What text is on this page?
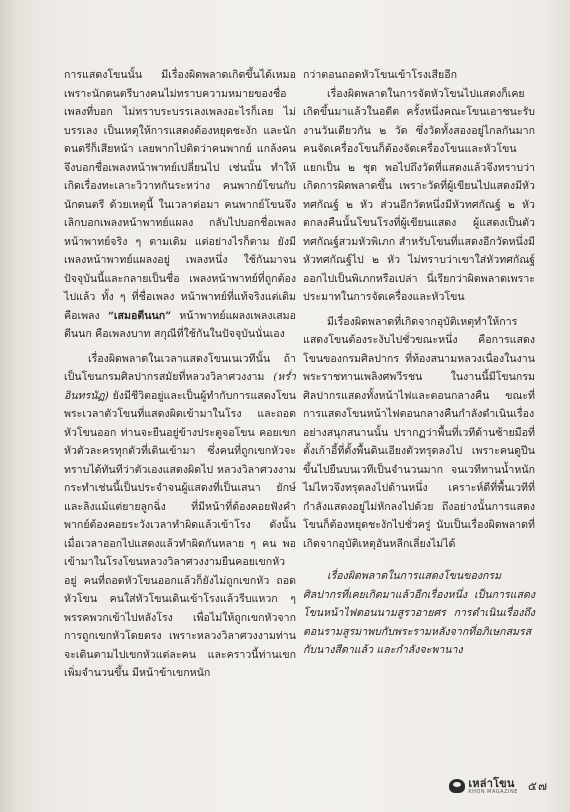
การแสดงโขนนั้น มีเรื่องผิดพลาดเกิดขึ้นได้เหมอ เพราะนักดนตรีบางคนไม่ทราบความหมายของชื่อ เพลงที่บอก ไม่ทราบระบรรเลงเพลงอะไรก็เลย ไม่บรรเลง เป็นเหตุให้การแสดงต้องหยุดชะงัก และนักดนตรีก็เสียหน้า เลยพากไปติดว่าคนพากย์ แกล้งคน จึงบอกชื่อเพลงหน้าพาทย์เปลี่ยนไป เช่นนั้น ทำให้เกิดเรื่องทะเลาะวิวาทกันระหว่าง คนพากย์โขนกับนักดนตรี ด้วยเหตุนี้ ในเวลาต่อมา คนพากย์โขนจึงเลิกบอกเพลงหน้าพาทย์แผลง กลับไปบอกชื่อเพลงหน้าพาทย์จริง ๆ ตามเดิม แต่อย่างไรก็ตาม ยังมีเพลงหน้าพาทย์แผลงอยู่ เพลงหนึ่ง ใช้กันมาจนปัจจุบันนี้และกลายเป็นชื่อ เพลงหน้าพาทย์ที่ถูกต้องไปแล้ว ทั้ง ๆ ที่ชื่อเพลง หน้าพาทย์ที่แท้จริงแต่เดิมคือเพลง “เสมอตีนนก” หน้าพาทย์แผลงเพลงเสมอตีนนก คือเพลงบาท สกุณีที่ใช้กันในปัจจุบันนั่นเอง

เรื่องผิดพลาดในเวลาแสดงโขนเนเวทีนั้น ถ้าเป็นโขนกรมศิลปากรสมัยที่หลวงวิลาศวงงาม (หร่ำ อินทรนัฏ) ยังมีชีวิตอยู่และเป็นผู้ทำกับการแสดงโขน พระเวลาตัวโขนที่แสดงผิดเข้ามาในโรง และถอดหัวโขนออก ท่านจะยืนอยู่ข้างประตูจอโขน คอยเขกหัวตัวละครทุกตัวที่เดินเข้ามา ซึ่งคนที่ถูกเขกหัวจะทราบได้ทันทีว่าตัวเองแสดงผิดไป หลวงวิลาศวงงามกระทำเช่นนี้เป็นประจำจนผู้แสดงที่เป็นเสนา ยักษ์และลิงแม้แต่ยายลูกฉิ่ง ที่มีหน้าที่ต้องคอยฟังคำพากย์ต้องคอยระวังเวลาทำผิดแล้วเข้าโรง ดังนั้น เมื่อเวลาออกไปแสดงแล้วทำผิดกันหลาย ๆ คน พอเข้ามาในโรงโขนหลวงวิลาศวงงามยืนคอยเขกหัวอยู่ คนที่ถอดหัวโขนออกแล้วก็ยังไม่ถูกเขกหัว ถอดหัวโขน คนใส่หัวโขนเดินเข้าโรงแล้วรีบแหวก ๆ พรรคพวกเข้าไปหลังโรง เพื่อไม่ให้ถูกเขกหัวจากการถูกเขกหัวโดยตรง เพราะหลวงวิลาศวงงามท่านจะเดินตามไปเขกหัวแต่ละคน และคราวนี้ท่านเขกเพิ่มจำนวนขึ้น มีหน้าข้าเขกหนัก

กว่าตอนถอดหัวโขนเข้าโรงเสียอีก

เรื่องผิดพลาดในการจัดหัวโขนไปแสดงก็เคยเกิดขึ้นมาแล้วในอดีต ครั้งหนึ่งคณะโขนเอาชนะรับงานวันเดียวกัน ๒ วัด ซึ่งวัดทั้งสองอยู่ไกลกันมาก คนจัดเครื่องโขนก็ต้องจัดเครื่องโขนและหัวโขนแยกเป็น ๒ ชุด พอไปถึงวัดที่แสดงแล้วจึงทราบว่าเกิดการผิดพลาดขึ้น เพราะวัดที่ผู้เขียนไปแสดงมีหัวทศกัณฐ์ ๒ หัว ส่วนอีกวัดหนึ่งมีหัวทศกัณฐ์ ๒ หัว ตกลงคืนนั้นโขนโรงที่ผู้เขียนแสดง ผู้แสดงเป็นตัวทศกัณฐ์สวมหัวพิเภก สำหรับโขนที่แสดงอีกวัดหนึ่งมีหัวทศกัณฐ์ไป ๒ หัว ไม่ทราบว่าเขาใส่หัวทศกัณฐ์ออกไปเป็นพิเภกหรือเปล่า นี่เรียกว่าผิดพลาดเพราะประมาทในการจัดเครื่องและหัวโขน

มีเรื่องผิดพลาดที่เกิดจากอุบัติเหตุทำให้การแสดงโขนต้องระงับไปชั่วขณะหนึ่ง คือการแสดงโขนของกรมศิลปากร ที่ท้องสนามหลวงเนื่องในงานพระราชทานเพลิงศพวีรชน ในงานนี้มีโขนกรมศิลปากรแสดงทั้งหน้าไฟและตอนกลางคืน ขณะที่การแสดงโขนหน้าไฟตอนกลางคืนกำลังดำเนินเรื่องอย่างสนุกสนานนั้น ปรากฏว่าพื้นที่เวทีด้านซ้ายมือที่ตั้งเก้าอี้ที่ตั้งพื้นดินเอียงตัวทรุดลงไป เพราะคนดูปีนขึ้นไปยืนบนเวทีเป็นจำนวนมาก จนเวทีทานน้ำหนักไม่ไหวจึงทรุดลงไปด้านหนึ่ง เคราะห์ดีที่พื้นเวทีที่กำลังแสดงอยู่ไม่หักลงไปด้วย ถึงอย่างนั้นการแสดงโขนก็ต้องหยุดชะงักไปชั่วครู่ นับเป็นเรื่องผิดพลาดที่เกิดจากอุบัติเหตุอันหลีกเลี่ยงไม่ได้

เรื่องผิดพลาดในการแสดงโขนของกรมศิลปากรที่เคยเกิดมาแล้วอีกเรื่องหนึ่ง เป็นการแสดงโขนหน้าไฟตอนนามสูรวอายศร การดำเนินเรื่องถึงตอนรามสูรมาพบกับพระรามหลังจากที่อภิเษกสมรสกับนางสีดาแล้ว และกำลังจะพานาง

เหล่าโขน
KHON MAGAZINE ๕๗
